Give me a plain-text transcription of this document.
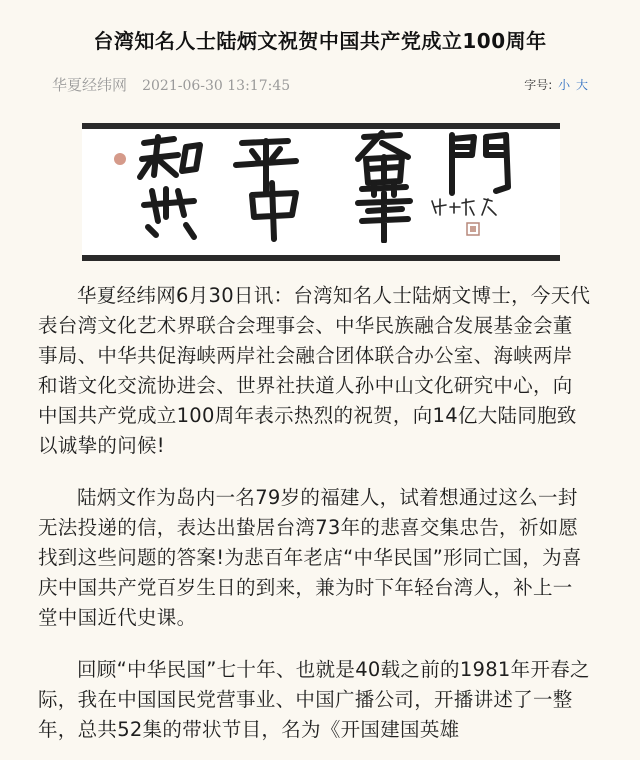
台湾知名人士陆炳文祝贺中国共产党成立100周年
华夏经纬网 2021-06-30 13:17:45	字号: 小 大

华夏经纬网6月30日讯：台湾知名人士陆炳文博士，今天代表台湾文化艺术界联合会理事会、中华民族融合发展基金会董事局、中华共促海峡两岸社会融合团体联合办公室、海峡两岸和谐文化交流协进会、世界社扶道人孙中山文化研究中心，向中国共产党成立100周年表示热烈的祝贺，向14亿大陆同胞致以诚挚的问候!

陆炳文作为岛内一名79岁的福建人，试着想通过这么一封无法投递的信，表达出蛰居台湾73年的悲喜交集忠告，祈如愿找到这些问题的答案!为悲百年老店“中华民国”形同亡国，为喜庆中国共产党百岁生日的到来，兼为时下年轻台湾人，补上一堂中国近代史课。

回顾“中华民国”七十年、也就是40载之前的1981年开春之际，我在中国国民党营事业、中国广播公司，开播讲述了一整年，总共52集的带状节目，名为《开国建国英雄
